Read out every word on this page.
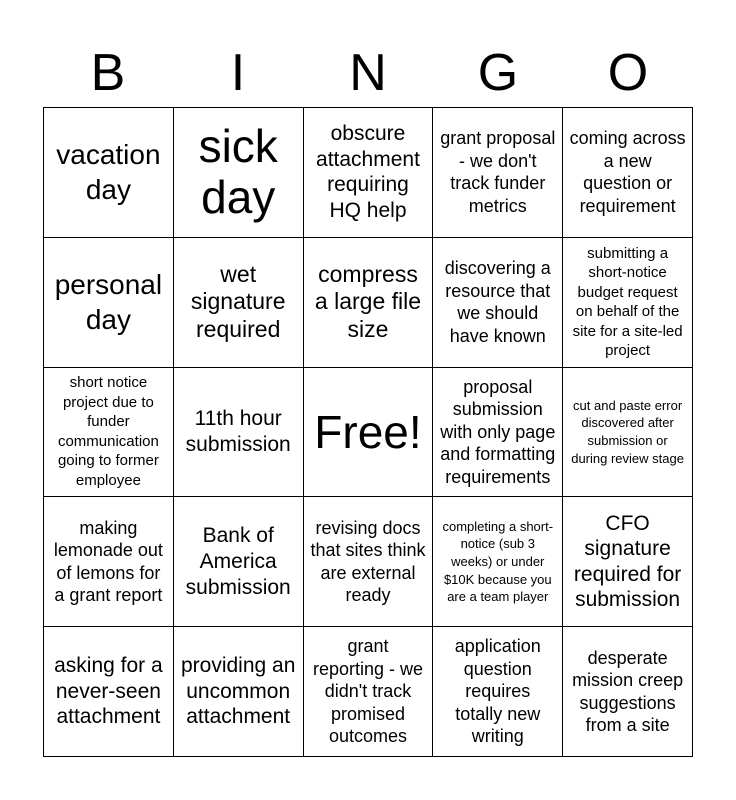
B	I	N	G	O
vacation day
sick day
obscure attachment requiring HQ help
grant proposal - we don't track funder metrics
coming across a new question or requirement
personal day
wet signature required
compress a large file size
discovering a resource that we should have known
submitting a short-notice budget request on behalf of the site for a site-led project
short notice project due to funder communication going to former employee
11th hour submission Free!
proposal submission with only page and formatting requirements
cut and paste error discovered after submission or during review stage
making lemonade out of lemons for a grant report
Bank of America submission
revising docs that sites think are external ready
completing a short-notice (sub 3 weeks) or under $10K because you are a team player
CFO signature required for submission
asking for a never-seen attachment
providing an uncommon attachment
grant reporting - we didn't track promised outcomes
application question requires totally new writing
desperate mission creep suggestions from a site
